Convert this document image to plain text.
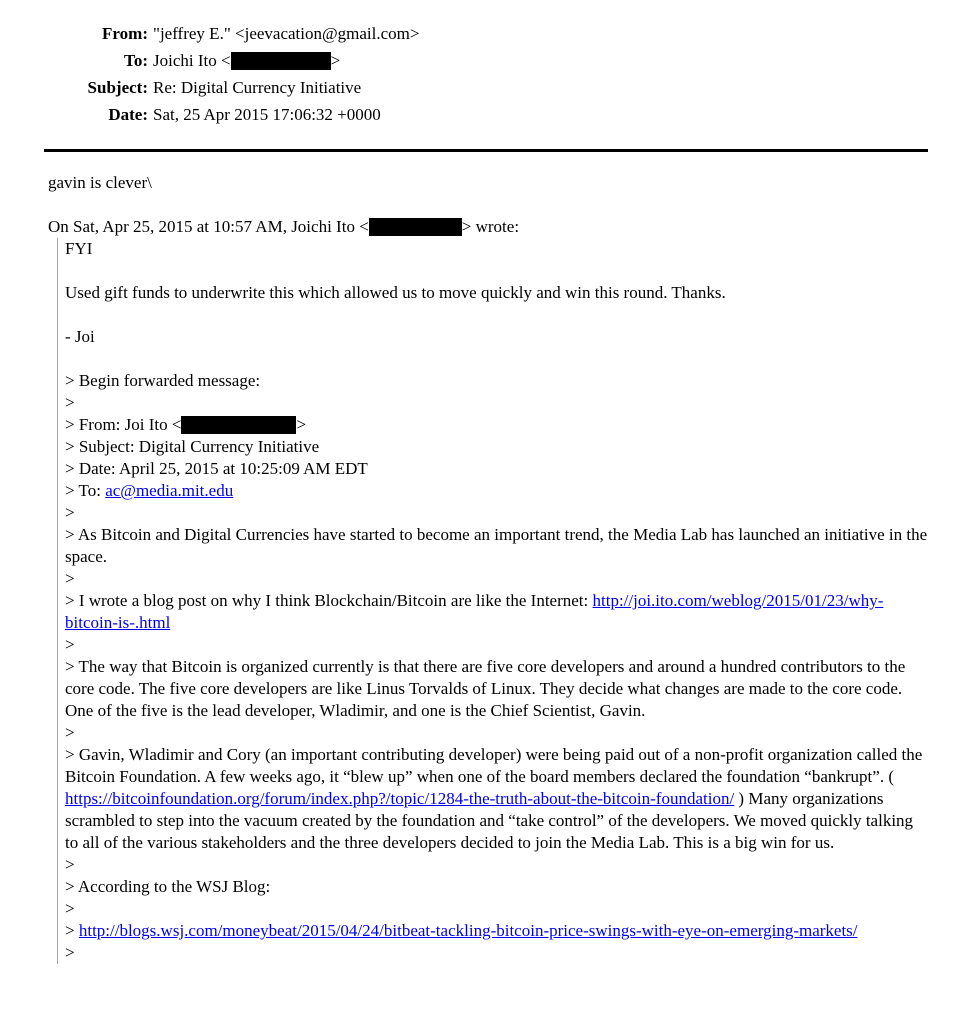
From: "jeffrey E." <jeevacation@gmail.com>
To: Joichi Ito <	>
Subject: Re: Digital Currency Initiative
Date: Sat, 25 Apr 2015 17:06:32 +0000
gavin is clever\

On Sat, Apr 25, 2015 at 10:57 AM, Joichi Ito <	> wrote:
FYI

Used gift funds to underwrite this which allowed us to move quickly and win this round. Thanks.

- Joi

> Begin forwarded message:
>
> From: Joi Ito <	>
> Subject: Digital Currency Initiative
> Date: April 25, 2015 at 10:25:09 AM EDT
> To: ac@media.mit.edu
>
> As Bitcoin and Digital Currencies have started to become an important trend, the Media Lab has launched an initiative in the space.
>
> I wrote a blog post on why I think Blockchain/Bitcoin are like the Internet: http://joi.ito.com/weblog/2015/01/23/why-bitcoin-is-.html
>
> The way that Bitcoin is organized currently is that there are five core developers and around a hundred contributors to the core code. The five core developers are like Linus Torvalds of Linux. They decide what changes are made to the core code. One of the five is the lead developer, Wladimir, and one is the Chief Scientist, Gavin.
>
> Gavin, Wladimir and Cory (an important contributing developer) were being paid out of a non-profit organization called the Bitcoin Foundation. A few weeks ago, it “blew up” when one of the board members declared the foundation “bankrupt”. ( https://bitcoinfoundation.org/forum/index.php?/topic/1284-the-truth-about-the-bitcoin-foundation/ ) Many organizations scrambled to step into the vacuum created by the foundation and “take control” of the developers. We moved quickly talking to all of the various stakeholders and the three developers decided to join the Media Lab. This is a big win for us.
>
> According to the WSJ Blog:
>
> http://blogs.wsj.com/moneybeat/2015/04/24/bitbeat-tackling-bitcoin-price-swings-with-eye-on-emerging-markets/
>
